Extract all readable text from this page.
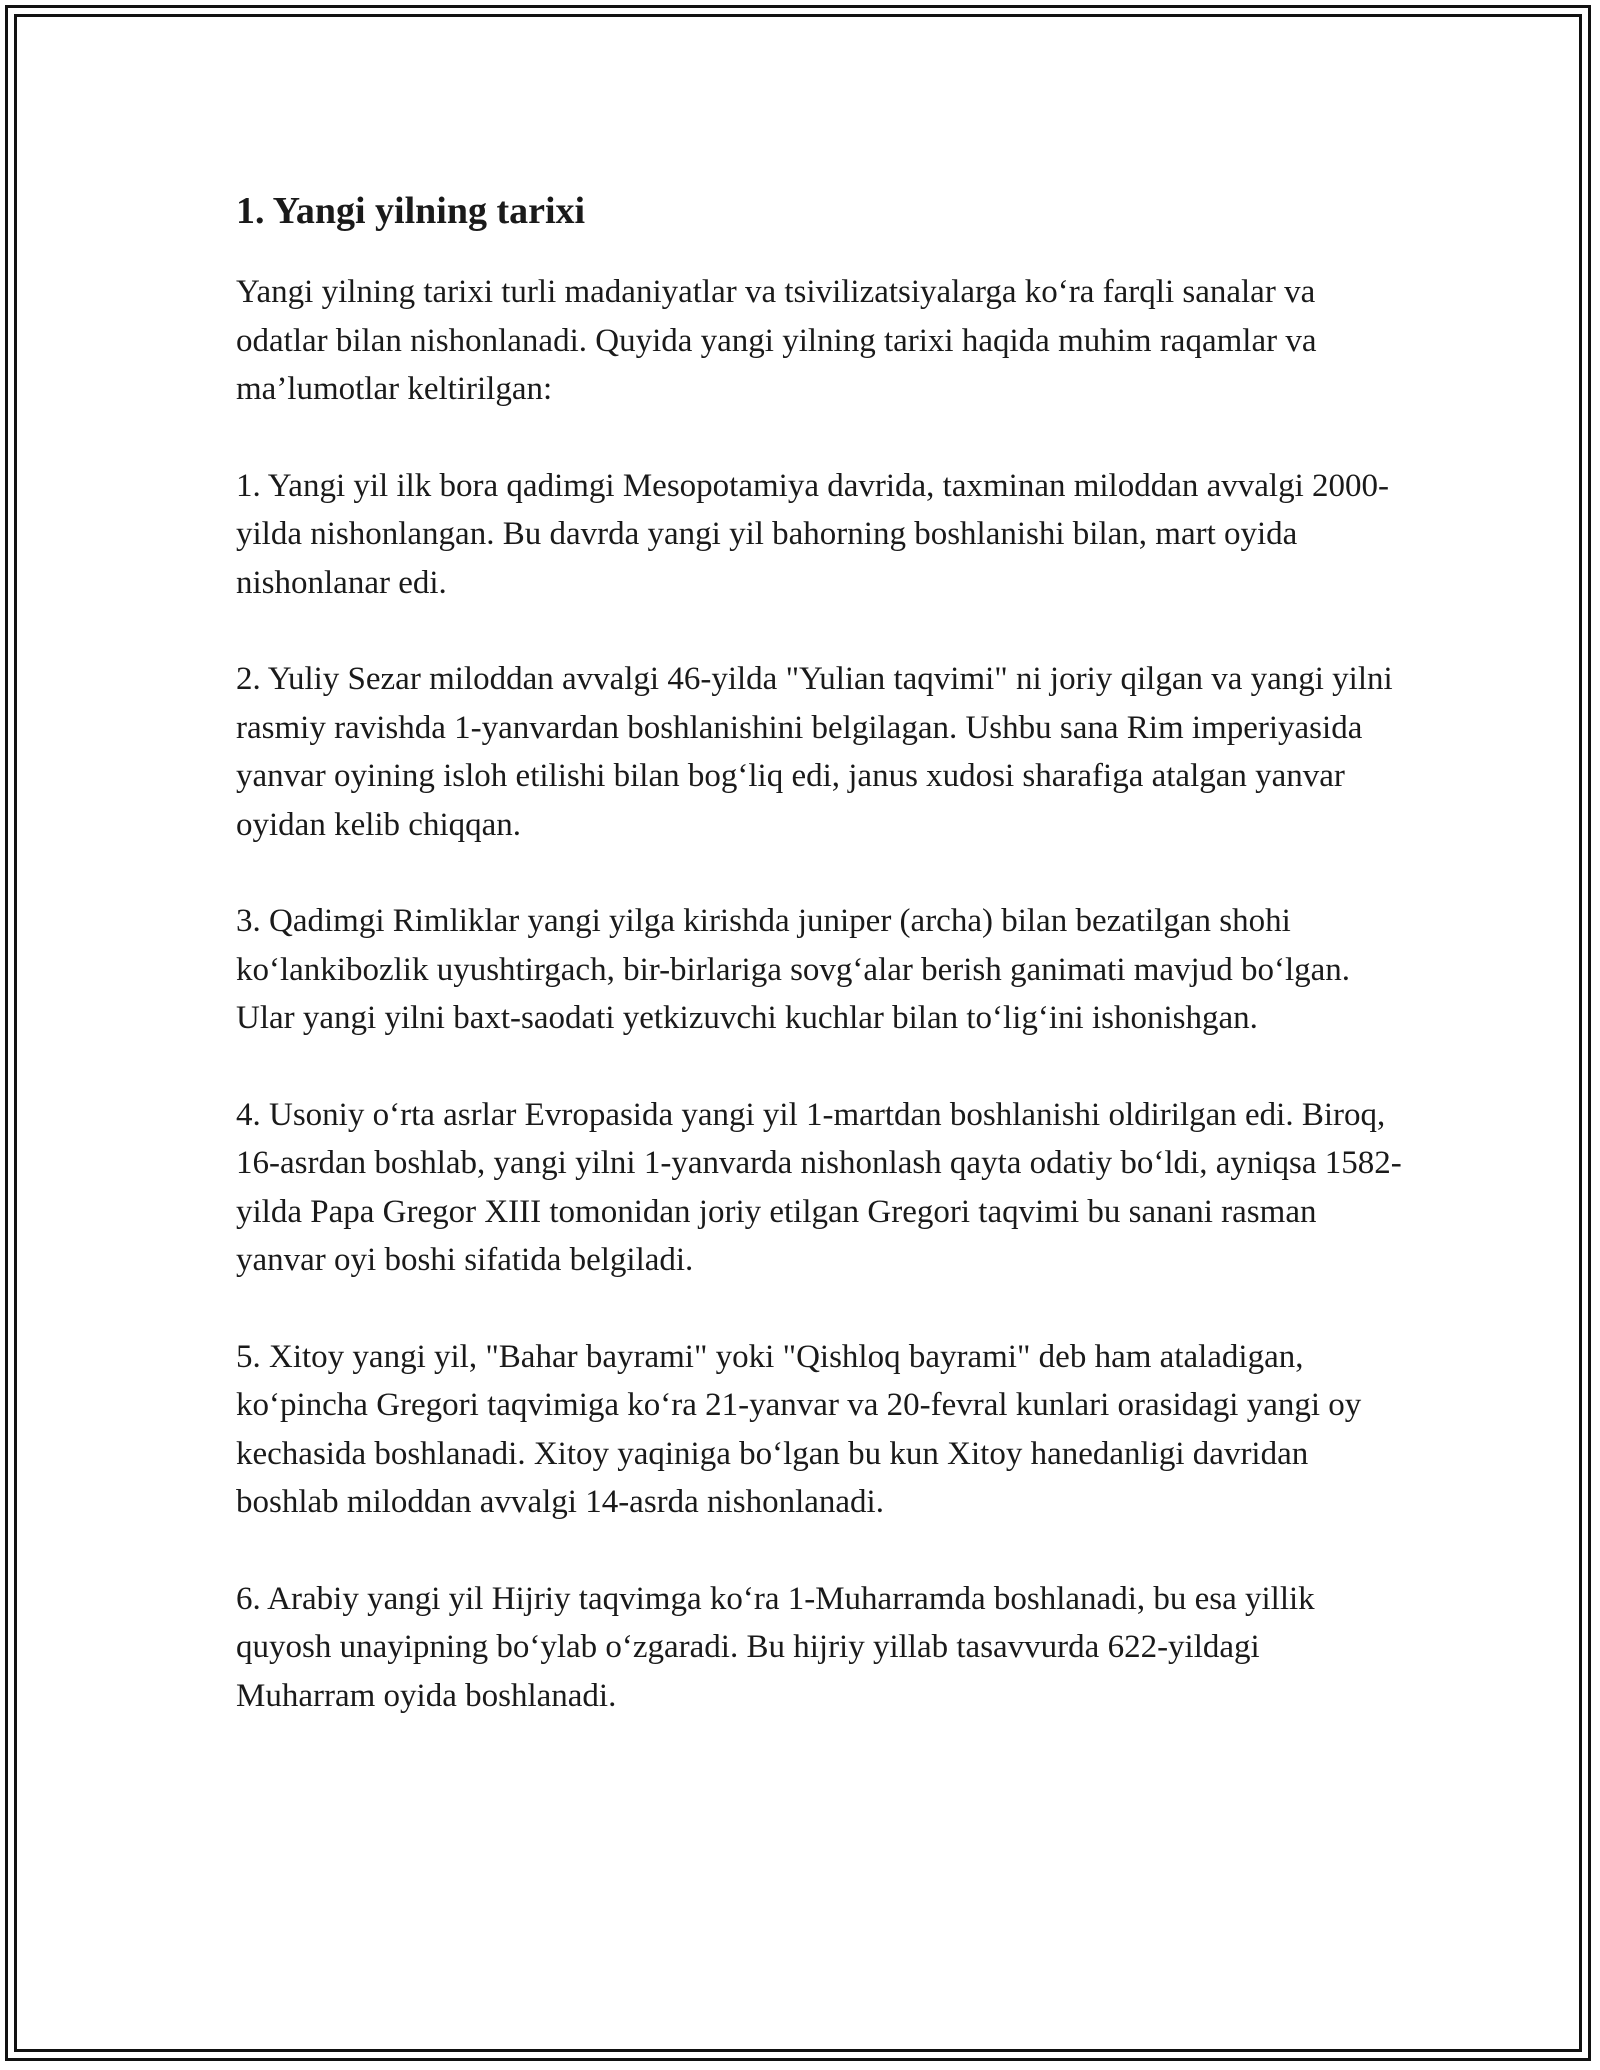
1. Yangi yilning tarixi

Yangi yilning tarixi turli madaniyatlar va tsivilizatsiyalarga ko‘ra farqli sanalar va odatlar bilan nishonlanadi. Quyida yangi yilning tarixi haqida muhim raqamlar va ma’lumotlar keltirilgan:

1. Yangi yil ilk bora qadimgi Mesopotamiya davrida, taxminan miloddan avvalgi 2000-yilda nishonlangan. Bu davrda yangi yil bahorning boshlanishi bilan, mart oyida nishonlanar edi.

2. Yuliy Sezar miloddan avvalgi 46-yilda "Yulian taqvimi" ni joriy qilgan va yangi yilni rasmiy ravishda 1-yanvardan boshlanishini belgilagan. Ushbu sana Rim imperiyasida yanvar oyining isloh etilishi bilan bog‘liq edi, janus xudosi sharafiga atalgan yanvar oyidan kelib chiqqan.

3. Qadimgi Rimliklar yangi yilga kirishda juniper (archa) bilan bezatilgan shohi ko‘lankibozlik uyushtirgach, bir-birlariga sovg‘alar berish ganimati mavjud bo‘lgan. Ular yangi yilni baxt-saodati yetkizuvchi kuchlar bilan to‘lig‘ini ishonishgan.

4. Usoniy o‘rta asrlar Evropasida yangi yil 1-martdan boshlanishi oldirilgan edi. Biroq, 16-asrdan boshlab, yangi yilni 1-yanvarda nishonlash qayta odatiy bo‘ldi, ayniqsa 1582-yilda Papa Gregor XIII tomonidan joriy etilgan Gregori taqvimi bu sanani rasman yanvar oyi boshi sifatida belgiladi.

5. Xitoy yangi yil, "Bahar bayrami" yoki "Qishloq bayrami" deb ham ataladigan, ko‘pincha Gregori taqvimiga ko‘ra 21-yanvar va 20-fevral kunlari orasidagi yangi oy kechasida boshlanadi. Xitoy yaqiniga bo‘lgan bu kun Xitoy hanedanligi davridan boshlab miloddan avvalgi 14-asrda nishonlanadi.

6. Arabiy yangi yil Hijriy taqvimga ko‘ra 1-Muharramda boshlanadi, bu esa yillik quyosh unayipning bo‘ylab o‘zgaradi. Bu hijriy yillab tasavvurda 622-yildagi Muharram oyida boshlanadi.
